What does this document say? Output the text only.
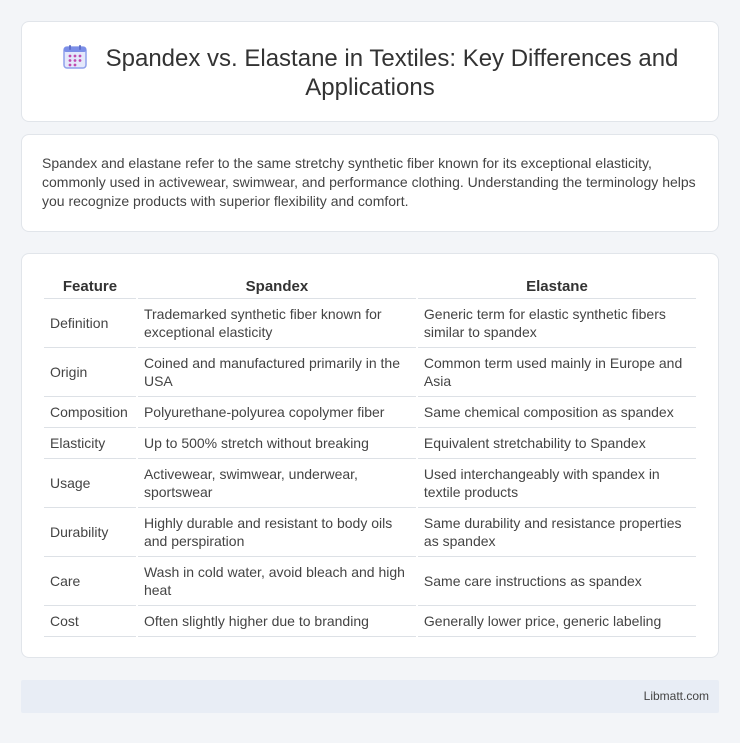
Spandex vs. Elastane in Textiles: Key Differences and Applications

Spandex and elastane refer to the same stretchy synthetic fiber known for its exceptional elasticity, commonly used in activewear, swimwear, and performance clothing. Understanding the terminology helps you recognize products with superior flexibility and comfort.

Feature	Spandex	Elastane
Definition	Trademarked synthetic fiber known for exceptional elasticity	Generic term for elastic synthetic fibers similar to spandex
Origin	Coined and manufactured primarily in the USA	Common term used mainly in Europe and Asia
Composition	Polyurethane-polyurea copolymer fiber	Same chemical composition as spandex
Elasticity	Up to 500% stretch without breaking	Equivalent stretchability to Spandex
Usage	Activewear, swimwear, underwear, sportswear	Used interchangeably with spandex in textile products
Durability	Highly durable and resistant to body oils and perspiration	Same durability and resistance properties as spandex
Care	Wash in cold water, avoid bleach and high heat	Same care instructions as spandex
Cost	Often slightly higher due to branding	Generally lower price, generic labeling
Libmatt.com
